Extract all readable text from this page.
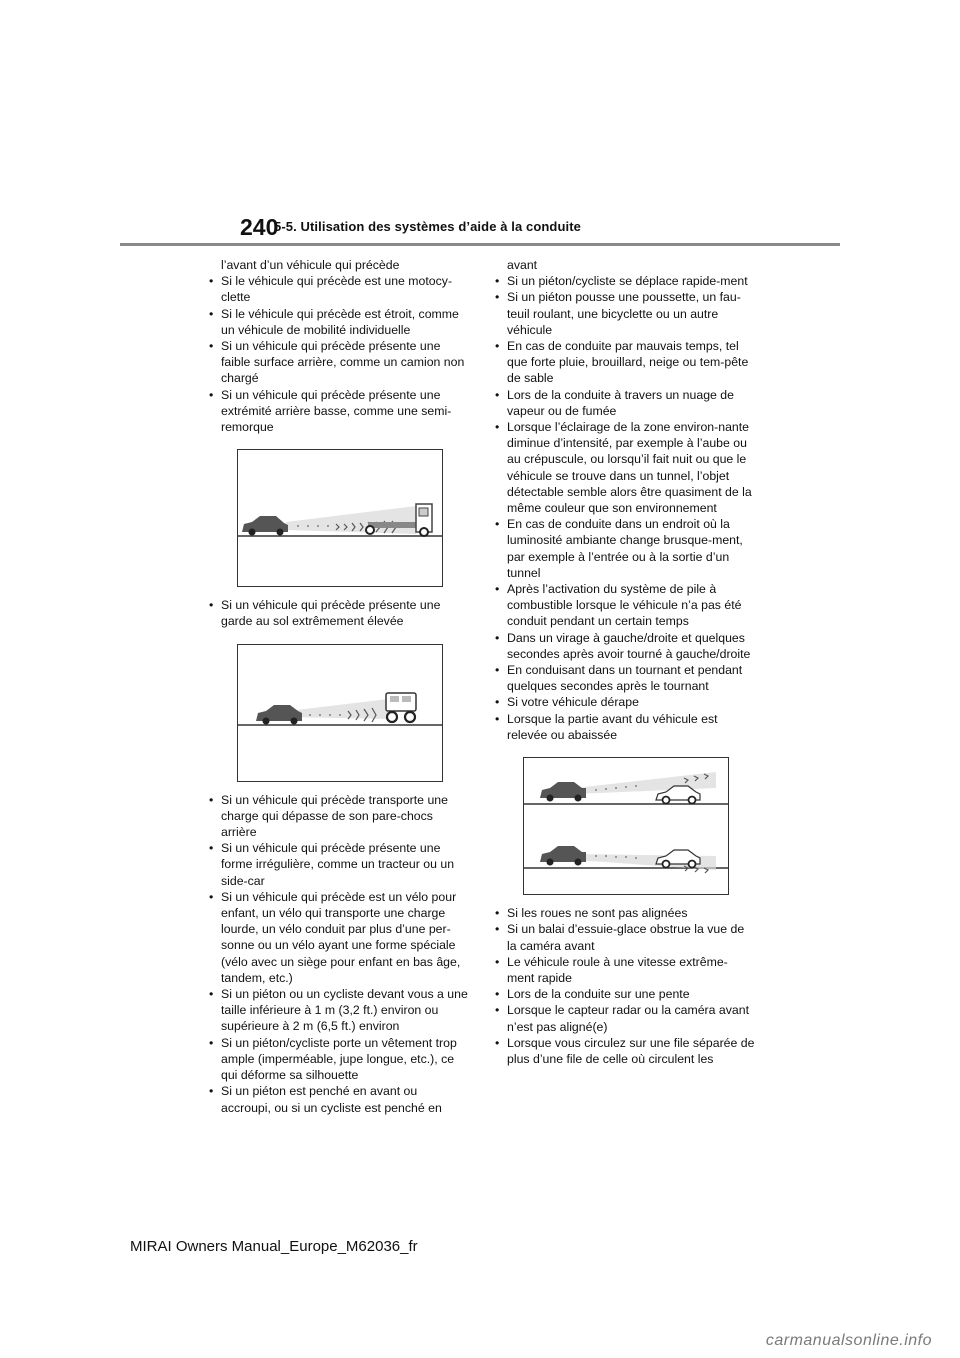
240
5-5. Utilisation des systèmes d’aide à la conduite
l’avant d’un véhicule qui précède
• Si le véhicule qui précède est une motocy-clette
• Si le véhicule qui précède est étroit, comme un véhicule de mobilité individuelle
• Si un véhicule qui précède présente une faible surface arrière, comme un camion non chargé
• Si un véhicule qui précède présente une extrémité arrière basse, comme une semi-remorque
• Si un véhicule qui précède présente une garde au sol extrêmement élevée
• Si un véhicule qui précède transporte une charge qui dépasse de son pare-chocs arrière
• Si un véhicule qui précède présente une forme irrégulière, comme un tracteur ou un side-car
• Si un véhicule qui précède est un vélo pour enfant, un vélo qui transporte une charge lourde, un vélo conduit par plus d’une per-sonne ou un vélo ayant une forme spéciale (vélo avec un siège pour enfant en bas âge, tandem, etc.)
• Si un piéton ou un cycliste devant vous a une taille inférieure à 1 m (3,2 ft.) environ ou supérieure à 2 m (6,5 ft.) environ
• Si un piéton/cycliste porte un vêtement trop ample (imperméable, jupe longue, etc.), ce qui déforme sa silhouette
• Si un piéton est penché en avant ou accroupi, ou si un cycliste est penché en
avant
• Si un piéton/cycliste se déplace rapide-ment
• Si un piéton pousse une poussette, un fau-teuil roulant, une bicyclette ou un autre véhicule
• En cas de conduite par mauvais temps, tel que forte pluie, brouillard, neige ou tem-pête de sable
• Lors de la conduite à travers un nuage de vapeur ou de fumée
• Lorsque l’éclairage de la zone environ-nante diminue d’intensité, par exemple à l’aube ou au crépuscule, ou lorsqu’il fait nuit ou que le véhicule se trouve dans un tunnel, l’objet détectable semble alors être quasiment de la même couleur que son environnement
• En cas de conduite dans un endroit où la luminosité ambiante change brusque-ment, par exemple à l’entrée ou à la sortie d’un tunnel
• Après l’activation du système de pile à combustible lorsque le véhicule n’a pas été conduit pendant un certain temps
• Dans un virage à gauche/droite et quelques secondes après avoir tourné à gauche/droite
• En conduisant dans un tournant et pendant quelques secondes après le tournant
• Si votre véhicule dérape
• Lorsque la partie avant du véhicule est relevée ou abaissée
• Si les roues ne sont pas alignées
• Si un balai d’essuie-glace obstrue la vue de la caméra avant
• Le véhicule roule à une vitesse extrême-ment rapide
• Lors de la conduite sur une pente
• Lorsque le capteur radar ou la caméra avant n’est pas aligné(e)
• Lorsque vous circulez sur une file séparée de plus d’une file de celle où circulent les
MIRAI Owners Manual_Europe_M62036_fr
carmanualsonline.info
